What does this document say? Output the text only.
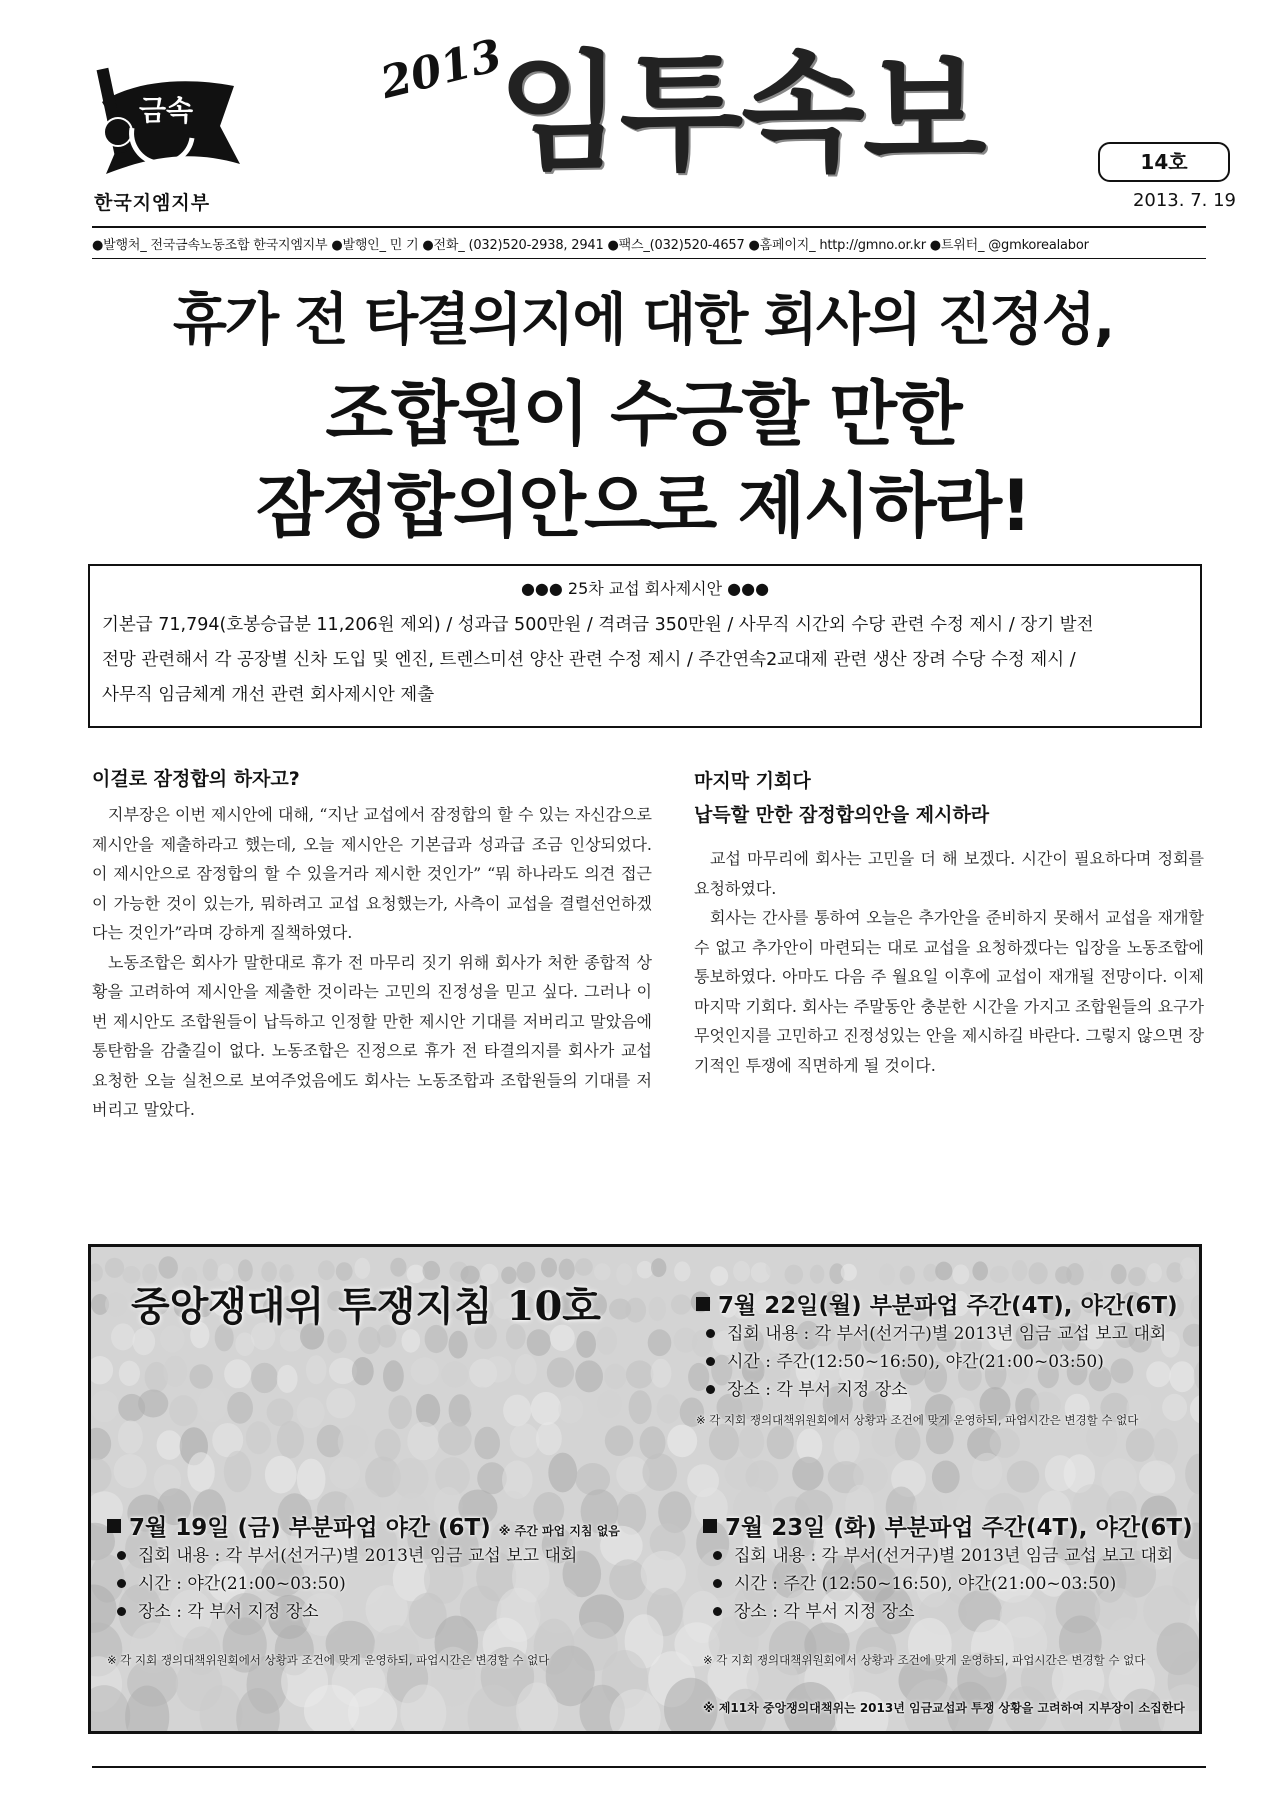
금속
한국지엠지부
2013
임투속보	14호
2013. 7. 19
●발행처_ 전국금속노동조합 한국지엠지부 ●발행인_ 민 기 ●전화_ (032)520-2938, 2941 ●팩스_(032)520-4657 ●홈페이지_ http://gmno.or.kr ●트위터_ @gmkorealabor
휴가 전 타결의지에 대한 회사의 진정성,
조합원이 수긍할 만한
잠정합의안으로 제시하라!
●●● 25차 교섭 회사제시안 ●●●
기본급 71,794(호봉승급분 11,206원 제외) / 성과급 500만원 / 격려금 350만원 / 사무직 시간외 수당 관련 수정 제시 / 장기 발전
전망 관련해서 각 공장별 신차 도입 및 엔진, 트렌스미션 양산 관련 수정 제시 / 주간연속2교대제 관련 생산 장려 수당 수정 제시 /
사무직 임금체계 개선 관련 회사제시안 제출
이걸로 잠정합의 하자고?

지부장은 이번 제시안에 대해, “지난 교섭에서 잠정합의 할 수 있는 자신감으로 제시안을 제출하라고 했는데, 오늘 제시안은 기본급과 성과급 조금 인상되었다. 이 제시안으로 잠정합의 할 수 있을거라 제시한 것인가” “뭐 하나라도 의견 접근이 가능한 것이 있는가, 뭐하려고 교섭 요청했는가, 사측이 교섭을 결렬선언하겠다는 것인가”라며 강하게 질책하였다.

노동조합은 회사가 말한대로 휴가 전 마무리 짓기 위해 회사가 처한 종합적 상황을 고려하여 제시안을 제출한 것이라는 고민의 진정성을 믿고 싶다. 그러나 이번 제시안도 조합원들이 납득하고 인정할 만한 제시안 기대를 저버리고 말았음에 통탄함을 감출길이 없다. 노동조합은 진정으로 휴가 전 타결의지를 회사가 교섭 요청한 오늘 실천으로 보여주었음에도 회사는 노동조합과 조합원들의 기대를 저버리고 말았다.

마지막 기회다
납득할 만한 잠정합의안을 제시하라

교섭 마무리에 회사는 고민을 더 해 보겠다. 시간이 필요하다며 정회를 요청하였다.

회사는 간사를 통하여 오늘은 추가안을 준비하지 못해서 교섭을 재개할 수 없고 추가안이 마련되는 대로 교섭을 요청하겠다는 입장을 노동조합에 통보하였다. 아마도 다음 주 월요일 이후에 교섭이 재개될 전망이다. 이제 마지막 기회다. 회사는 주말동안 충분한 시간을 가지고 조합원들의 요구가 무엇인지를 고민하고 진정성있는 안을 제시하길 바란다. 그렇지 않으면 장기적인 투쟁에 직면하게 될 것이다.

중앙쟁대위 투쟁지침 10호	7월 22일(월) 부분파업 주간(4T), 야간(6T)
집회 내용 : 각 부서(선거구)별 2013년 임금 교섭 보고 대회
시간 : 주간(12:50~16:50), 야간(21:00~03:50)
장소 : 각 부서 지정 장소
※ 각 지회 쟁의대책위원회에서 상황과 조건에 맞게 운영하되, 파업시간은 변경할 수 없다
7월 19일 (금) 부분파업 야간 (6T) ※ 주간 파업 지침 없음
집회 내용 : 각 부서(선거구)별 2013년 임금 교섭 보고 대회
시간 : 야간(21:00~03:50)
장소 : 각 부서 지정 장소
※ 각 지회 쟁의대책위원회에서 상황과 조건에 맞게 운영하되, 파업시간은 변경할 수 없다
7월 23일 (화) 부분파업 주간(4T), 야간(6T)
집회 내용 : 각 부서(선거구)별 2013년 임금 교섭 보고 대회
시간 : 주간 (12:50~16:50), 야간(21:00~03:50)
장소 : 각 부서 지정 장소
※ 각 지회 쟁의대책위원회에서 상황과 조건에 맞게 운영하되, 파업시간은 변경할 수 없다
※ 제11차 중앙쟁의대책위는 2013년 임금교섭과 투쟁 상황을 고려하여 지부장이 소집한다
